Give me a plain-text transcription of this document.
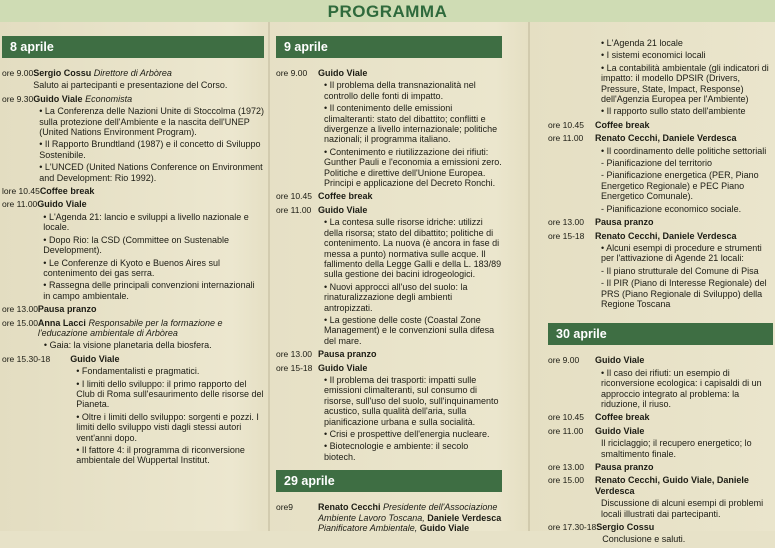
PROGRAMMA
8 aprile
ore 9.00 Sergio Cossu Direttore di Arbòrea

Saluto ai partecipanti e presentazione del Corso.

ore 9.30 Guido Viale Economista

• La Conferenza delle Nazioni Unite di Stoccolma (1972) sulla protezione dell'Ambiente e la nascita dell'UNEP (United Nations Environment Program).

• Il Rapporto Brundtland (1987) e il concetto di Sviluppo Sostenibile.

• L'UNCED (United Nations Conference on Environment and Development: Rio 1992).

lore 10.45 Coffee break

ore 11.00 Guido Viale

• L'Agenda 21: lancio e sviluppi a livello nazionale e locale.

• Dopo Rio: la CSD (Committee on Sustenable Development).

• Le Conferenze di Kyoto e Buenos Aires sul contenimento dei gas serra.

• Rassegna delle principali convenzioni internazionali in campo ambientale.

ore 13.00 Pausa pranzo

ore 15.00 Anna Lacci Responsabile per la formazione e l'educazione ambientale di Arbòrea

• Gaia: la visione planetaria della biosfera.

ore 15.30-18 Guido Viale

• Fondamentalisti e pragmatici.

• I limiti dello sviluppo: il primo rapporto del Club di Roma sull'esaurimento delle risorse del Pianeta.

• Oltre i limiti dello sviluppo: sorgenti e pozzi. I limiti dello sviluppo visti dagli stessi autori vent'anni dopo.

• Il fattore 4: il programma di riconversione ambientale del Wuppertal Institut.

9 aprile
ore 9.00	Guido Viale

• Il problema della transnazionalità nel controllo delle fonti di impatto.

• Il contenimento delle emissioni climalteranti: stato del dibattito; conflitti e divergenze a livello internazionale; politiche nazionali; il programma italiano.

• Contenimento e riutilizzazione dei rifiuti: Gunther Pauli e l'economia a emissioni zero. Politiche e direttive dell'Unione Europea. Principi e applicazione del Decreto Ronchi.

ore 10.45 Coffee break

ore 11.00 Guido Viale

• La contesa sulle risorse idriche: utilizzi della risorsa; stato del dibattito; politiche di contenimento. La nuova (è ancora in fase di messa a punto) normativa sulle acque. Il fallimento della Legge Galli e della L. 183/89 sulla gestione dei bacini idrogeologici.

• Nuovi approcci all'uso del suolo: la rinaturalizzazione degli ambienti antropizzati.

• La gestione delle coste (Coastal Zone Management) e le convenzioni sulla difesa del mare.

ore 13.00 Pausa pranzo

ore 15-18 Guido Viale

• Il problema dei trasporti: impatti sulle emissioni climalteranti, sul consumo di risorse, sull'uso del suolo, sull'inquinamento acustico, sulla qualità dell'aria, sulla pianificazione urbana e sulla socialità.

• Crisi e prospettive dell'energia nucleare.

• Biotecnologie e ambiente: il secolo biotech.

29 aprile
ore9	Renato Cecchi Presidente dell'Associazione Ambiente Lavoro Toscana, Daniele Verdesca Pianificatore Ambientale, Guido Viale

• L'Agenda 21 locale

• I sistemi economici locali

• La contabilità ambientale (gli indicatori di impatto: il modello DPSIR (Drivers, Pressure, State, Impact, Response) dell'Agenzia Europea per l'Ambiente)

• Il rapporto sullo stato dell'ambiente

ore 10.45	Coffee break

ore 11.00	Renato Cecchi, Daniele Verdesca

• Il coordinamento delle politiche settoriali

- Pianificazione del territorio

- Pianificazione energetica (PER, Piano Energetico Regionale) e PEC Piano Energetico Comunale).

- Pianificazione economico sociale.

ore 13.00	Pausa pranzo

ore 15-18	Renato Cecchi, Daniele Verdesca

• Alcuni esempi di procedure e strumenti per l'attivazione di Agende 21 locali:

- Il piano strutturale del Comune di Pisa

- Il PIR (Piano di Interesse Regionale) del PRS (Piano Regionale di Sviluppo) della Regione Toscana

30 aprile
ore 9.00	Guido Viale

• Il caso dei rifiuti: un esempio di riconversione ecologica: i capisaldi di un approccio integrato al problema: la riduzione, il riuso.

ore 10.45	Coffee break

ore 11.00	Guido Viale

Il riciclaggio; il recupero energetico; lo smaltimento finale.

ore 13.00	Pausa pranzo

ore 15.00	Renato Cecchi, Guido Viale, Daniele Verdesca

Discussione di alcuni esempi di problemi locali illustrati dai partecipanti.

ore 17.30-18 Sergio Cossu

Conclusione e saluti.
